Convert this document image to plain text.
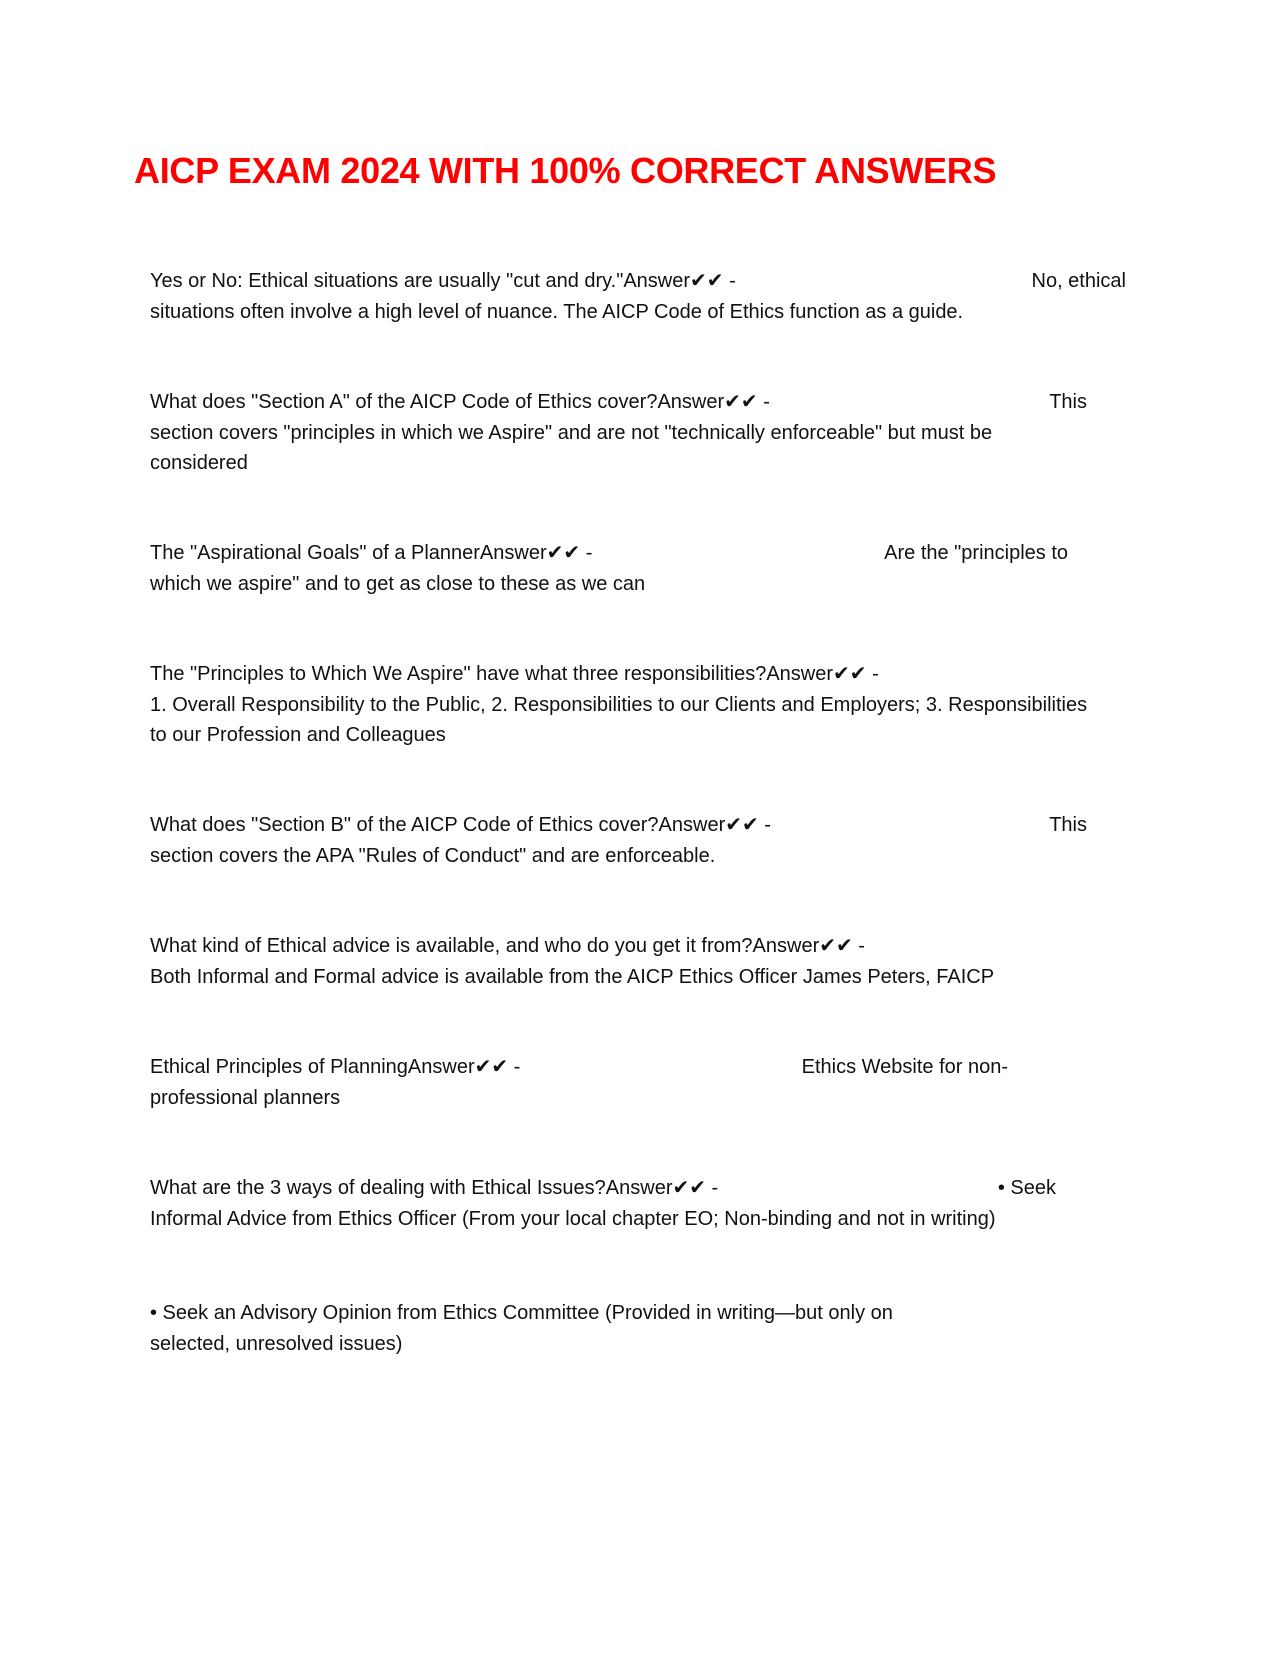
AICP EXAM 2024 WITH 100% CORRECT ANSWERS
Yes or No: Ethical situations are usually "cut and dry."Answer✔✔ -	No, ethical
situations often involve a high level of nuance. The AICP Code of Ethics function as a guide.
What does "Section A" of the AICP Code of Ethics cover?Answer✔✔ -	This
section covers "principles in which we Aspire" and are not "technically enforceable" but must be
considered
The "Aspirational Goals" of a PlannerAnswer✔✔ -	Are the "principles to
which we aspire" and to get as close to these as we can
The "Principles to Which We Aspire" have what three responsibilities?Answer✔✔ -
1. Overall Responsibility to the Public, 2. Responsibilities to our Clients and Employers; 3. Responsibilities
to our Profession and Colleagues
What does "Section B" of the AICP Code of Ethics cover?Answer✔✔ -	This
section covers the APA "Rules of Conduct" and are enforceable.
What kind of Ethical advice is available, and who do you get it from?Answer✔✔ -
Both Informal and Formal advice is available from the AICP Ethics Officer James Peters, FAICP
Ethical Principles of PlanningAnswer✔✔ -	Ethics Website for non-
professional planners
What are the 3 ways of dealing with Ethical Issues?Answer✔✔ -	• Seek
Informal Advice from Ethics Officer (From your local chapter EO; Non-binding and not in writing)
• Seek an Advisory Opinion from Ethics Committee (Provided in writing—but only on
selected, unresolved issues)
